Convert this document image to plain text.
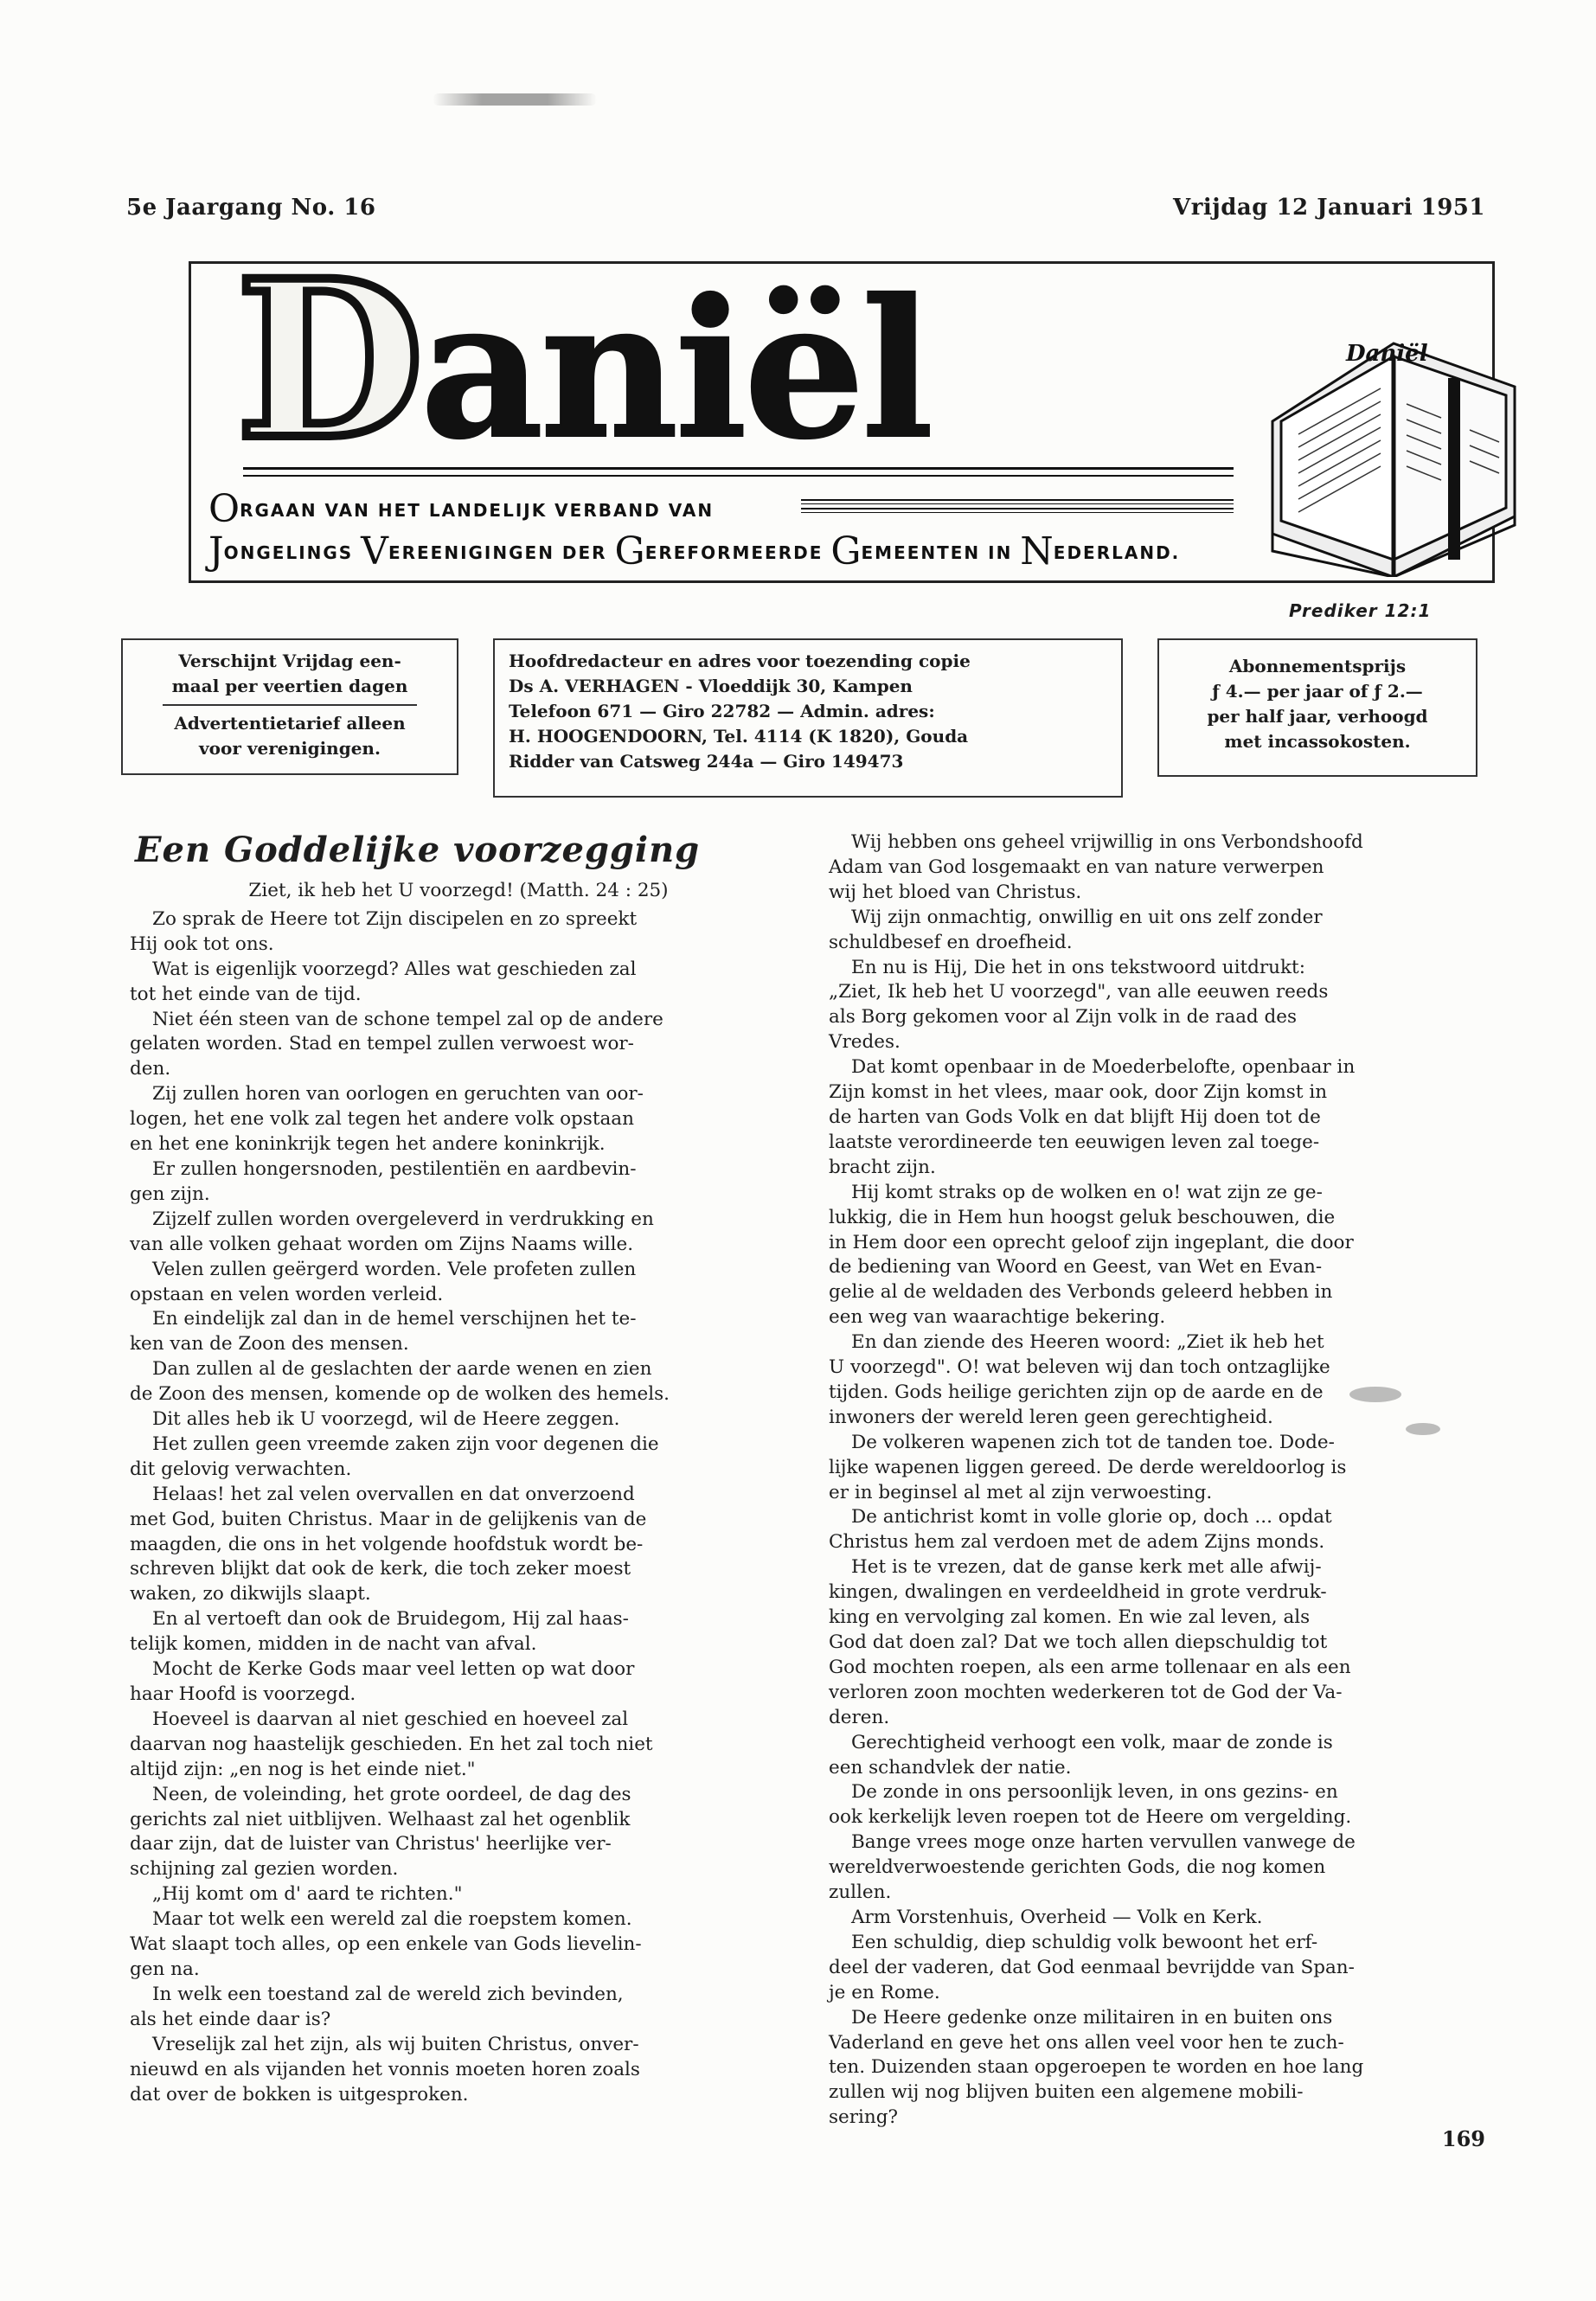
5e Jaargang No. 16	Vrijdag 12 Januari 1951
Daniël
ORGAAN VAN HET LANDELIJK VERBAND VAN
JONGELINGS VEREENIGINGEN DER GEREFORMEERDE GEMEENTEN IN NEDERLAND.
Daniël
Prediker 12:1
Verschijnt Vrijdag een-
maal per veertien dagen
Advertentietarief alleen
voor verenigingen.

Hoofdredacteur en adres voor toezending copie

Ds A. VERHAGEN - Vloeddijk 30, Kampen

Telefoon 671 — Giro 22782 — Admin. adres:

H. HOOGENDOORN, Tel. 4114 (K 1820), Gouda

Ridder van Catsweg 244a — Giro 149473

Abonnementsprijs
ƒ 4.— per jaar of ƒ 2.—
per half jaar, verhoogd
met incassokosten.
Een Goddelijke voorzegging
Ziet, ik heb het U voorzegd! (Matth. 24 : 25)

Zo sprak de Heere tot Zijn discipelen en zo spreekt
Hij ook tot ons.

Wat is eigenlijk voorzegd? Alles wat geschieden zal
tot het einde van de tijd.

Niet één steen van de schone tempel zal op de andere
gelaten worden. Stad en tempel zullen verwoest wor-
den.

Zij zullen horen van oorlogen en geruchten van oor-
logen, het ene volk zal tegen het andere volk opstaan
en het ene koninkrijk tegen het andere koninkrijk.

Er zullen hongersnoden, pestilentiën en aardbevin-
gen zijn.

Zijzelf zullen worden overgeleverd in verdrukking en
van alle volken gehaat worden om Zijns Naams wille.

Velen zullen geërgerd worden. Vele profeten zullen
opstaan en velen worden verleid.

En eindelijk zal dan in de hemel verschijnen het te-
ken van de Zoon des mensen.

Dan zullen al de geslachten der aarde wenen en zien
de Zoon des mensen, komende op de wolken des hemels.

Dit alles heb ik U voorzegd, wil de Heere zeggen.

Het zullen geen vreemde zaken zijn voor degenen die
dit gelovig verwachten.

Helaas! het zal velen overvallen en dat onverzoend
met God, buiten Christus. Maar in de gelijkenis van de
maagden, die ons in het volgende hoofdstuk wordt be-
schreven blijkt dat ook de kerk, die toch zeker moest
waken, zo dikwijls slaapt.

En al vertoeft dan ook de Bruidegom, Hij zal haas-
telijk komen, midden in de nacht van afval.

Mocht de Kerke Gods maar veel letten op wat door
haar Hoofd is voorzegd.

Hoeveel is daarvan al niet geschied en hoeveel zal
daarvan nog haastelijk geschieden. En het zal toch niet
altijd zijn: „en nog is het einde niet."

Neen, de voleinding, het grote oordeel, de dag des
gerichts zal niet uitblijven. Welhaast zal het ogenblik
daar zijn, dat de luister van Christus' heerlijke ver-
schijning zal gezien worden.

„Hij komt om d' aard te richten."

Maar tot welk een wereld zal die roepstem komen.
Wat slaapt toch alles, op een enkele van Gods lievelin-
gen na.

In welk een toestand zal de wereld zich bevinden,
als het einde daar is?

Vreselijk zal het zijn, als wij buiten Christus, onver-
nieuwd en als vijanden het vonnis moeten horen zoals
dat over de bokken is uitgesproken.

Wij hebben ons geheel vrijwillig in ons Verbondshoofd
Adam van God losgemaakt en van nature verwerpen
wij het bloed van Christus.

Wij zijn onmachtig, onwillig en uit ons zelf zonder
schuldbesef en droefheid.

En nu is Hij, Die het in ons tekstwoord uitdrukt:
„Ziet, Ik heb het U voorzegd", van alle eeuwen reeds
als Borg gekomen voor al Zijn volk in de raad des
Vredes.

Dat komt openbaar in de Moederbelofte, openbaar in
Zijn komst in het vlees, maar ook, door Zijn komst in
de harten van Gods Volk en dat blijft Hij doen tot de
laatste verordineerde ten eeuwigen leven zal toege-
bracht zijn.

Hij komt straks op de wolken en o! wat zijn ze ge-
lukkig, die in Hem hun hoogst geluk beschouwen, die
in Hem door een oprecht geloof zijn ingeplant, die door
de bediening van Woord en Geest, van Wet en Evan-
gelie al de weldaden des Verbonds geleerd hebben in
een weg van waarachtige bekering.

En dan ziende des Heeren woord: „Ziet ik heb het
U voorzegd". O! wat beleven wij dan toch ontzaglijke
tijden. Gods heilige gerichten zijn op de aarde en de
inwoners der wereld leren geen gerechtigheid.

De volkeren wapenen zich tot de tanden toe. Dode-
lijke wapenen liggen gereed. De derde wereldoorlog is
er in beginsel al met al zijn verwoesting.

De antichrist komt in volle glorie op, doch ... opdat
Christus hem zal verdoen met de adem Zijns monds.

Het is te vrezen, dat de ganse kerk met alle afwij-
kingen, dwalingen en verdeeldheid in grote verdruk-
king en vervolging zal komen. En wie zal leven, als
God dat doen zal? Dat we toch allen diepschuldig tot
God mochten roepen, als een arme tollenaar en als een
verloren zoon mochten wederkeren tot de God der Va-
deren.

Gerechtigheid verhoogt een volk, maar de zonde is
een schandvlek der natie.

De zonde in ons persoonlijk leven, in ons gezins- en
ook kerkelijk leven roepen tot de Heere om vergelding.

Bange vrees moge onze harten vervullen vanwege de
wereldverwoestende gerichten Gods, die nog komen
zullen.

Arm Vorstenhuis, Overheid — Volk en Kerk.

Een schuldig, diep schuldig volk bewoont het erf-
deel der vaderen, dat God eenmaal bevrijdde van Span-
je en Rome.

De Heere gedenke onze militairen in en buiten ons
Vaderland en geve het ons allen veel voor hen te zuch-
ten. Duizenden staan opgeroepen te worden en hoe lang
zullen wij nog blijven buiten een algemene mobili-
sering?

169
